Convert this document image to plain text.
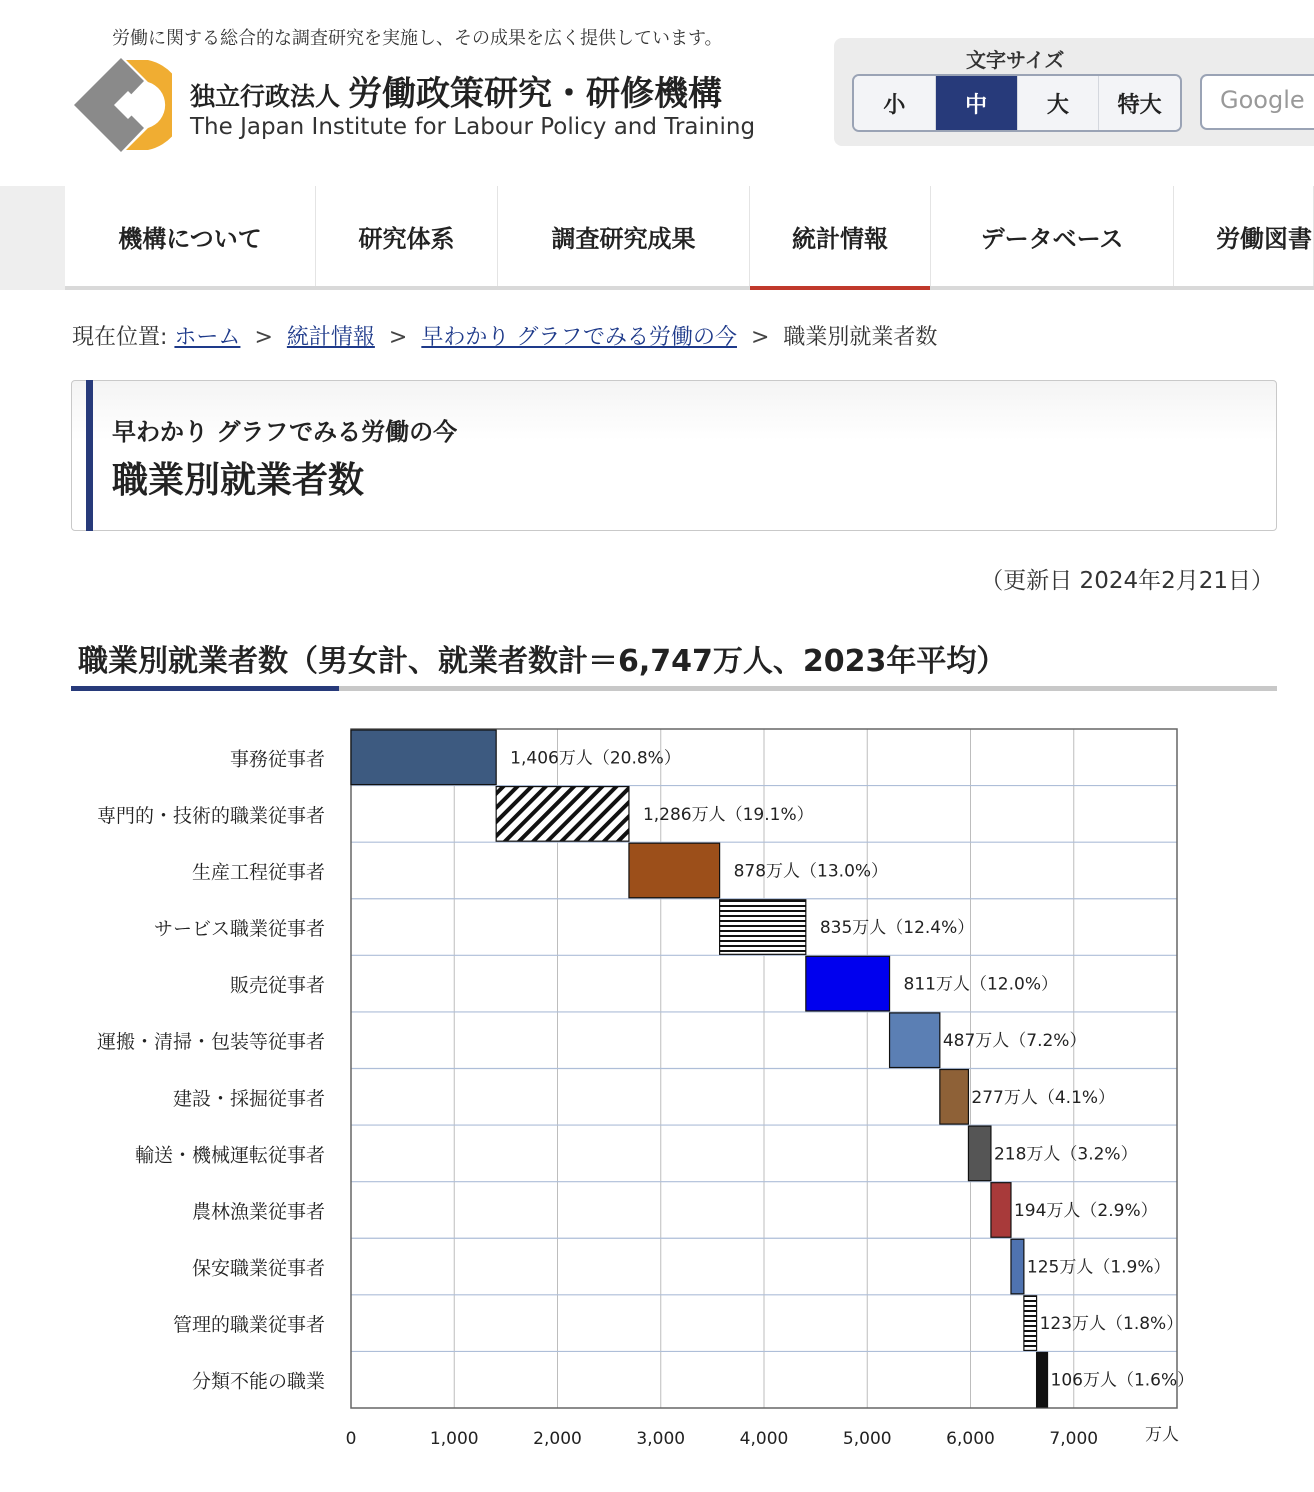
労働に関する総合的な調査研究を実施し、その成果を広く提供しています。
独立行政法人 労働政策研究・研修機構
The Japan Institute for Labour Policy and Training
文字サイズ
小	中	大	特大	Google
機構について	研究体系	調査研究成果	統計情報	データベース	労働図書
現在位置: ホーム > 統計情報 > 早わかり グラフでみる労働の今 > 職業別就業者数
早わかり グラフでみる労働の今
職業別就業者数
（更新日 2024年2月21日）
職業別就業者数（男女計、就業者数計＝6,747万人、2023年平均）
1,406万人（20.8%）
事務従事者
1,286万人（19.1%）
専門的・技術的職業従事者
878万人（13.0%）
生産工程従事者
835万人（12.4%）
サービス職業従事者
811万人（12.0%）
販売従事者
487万人（7.2%）
運搬・清掃・包装等従事者
277万人（4.1%）
建設・採掘従事者
218万人（3.2%）
輸送・機械運転従事者
194万人（2.9%）
農林漁業従事者
125万人（1.9%）
保安職業従事者
123万人（1.8%）
管理的職業従事者
106万人（1.6%）
分類不能の職業
0	1,000	2,000	3,000	4,000	5,000	6,000	7,000	万人
